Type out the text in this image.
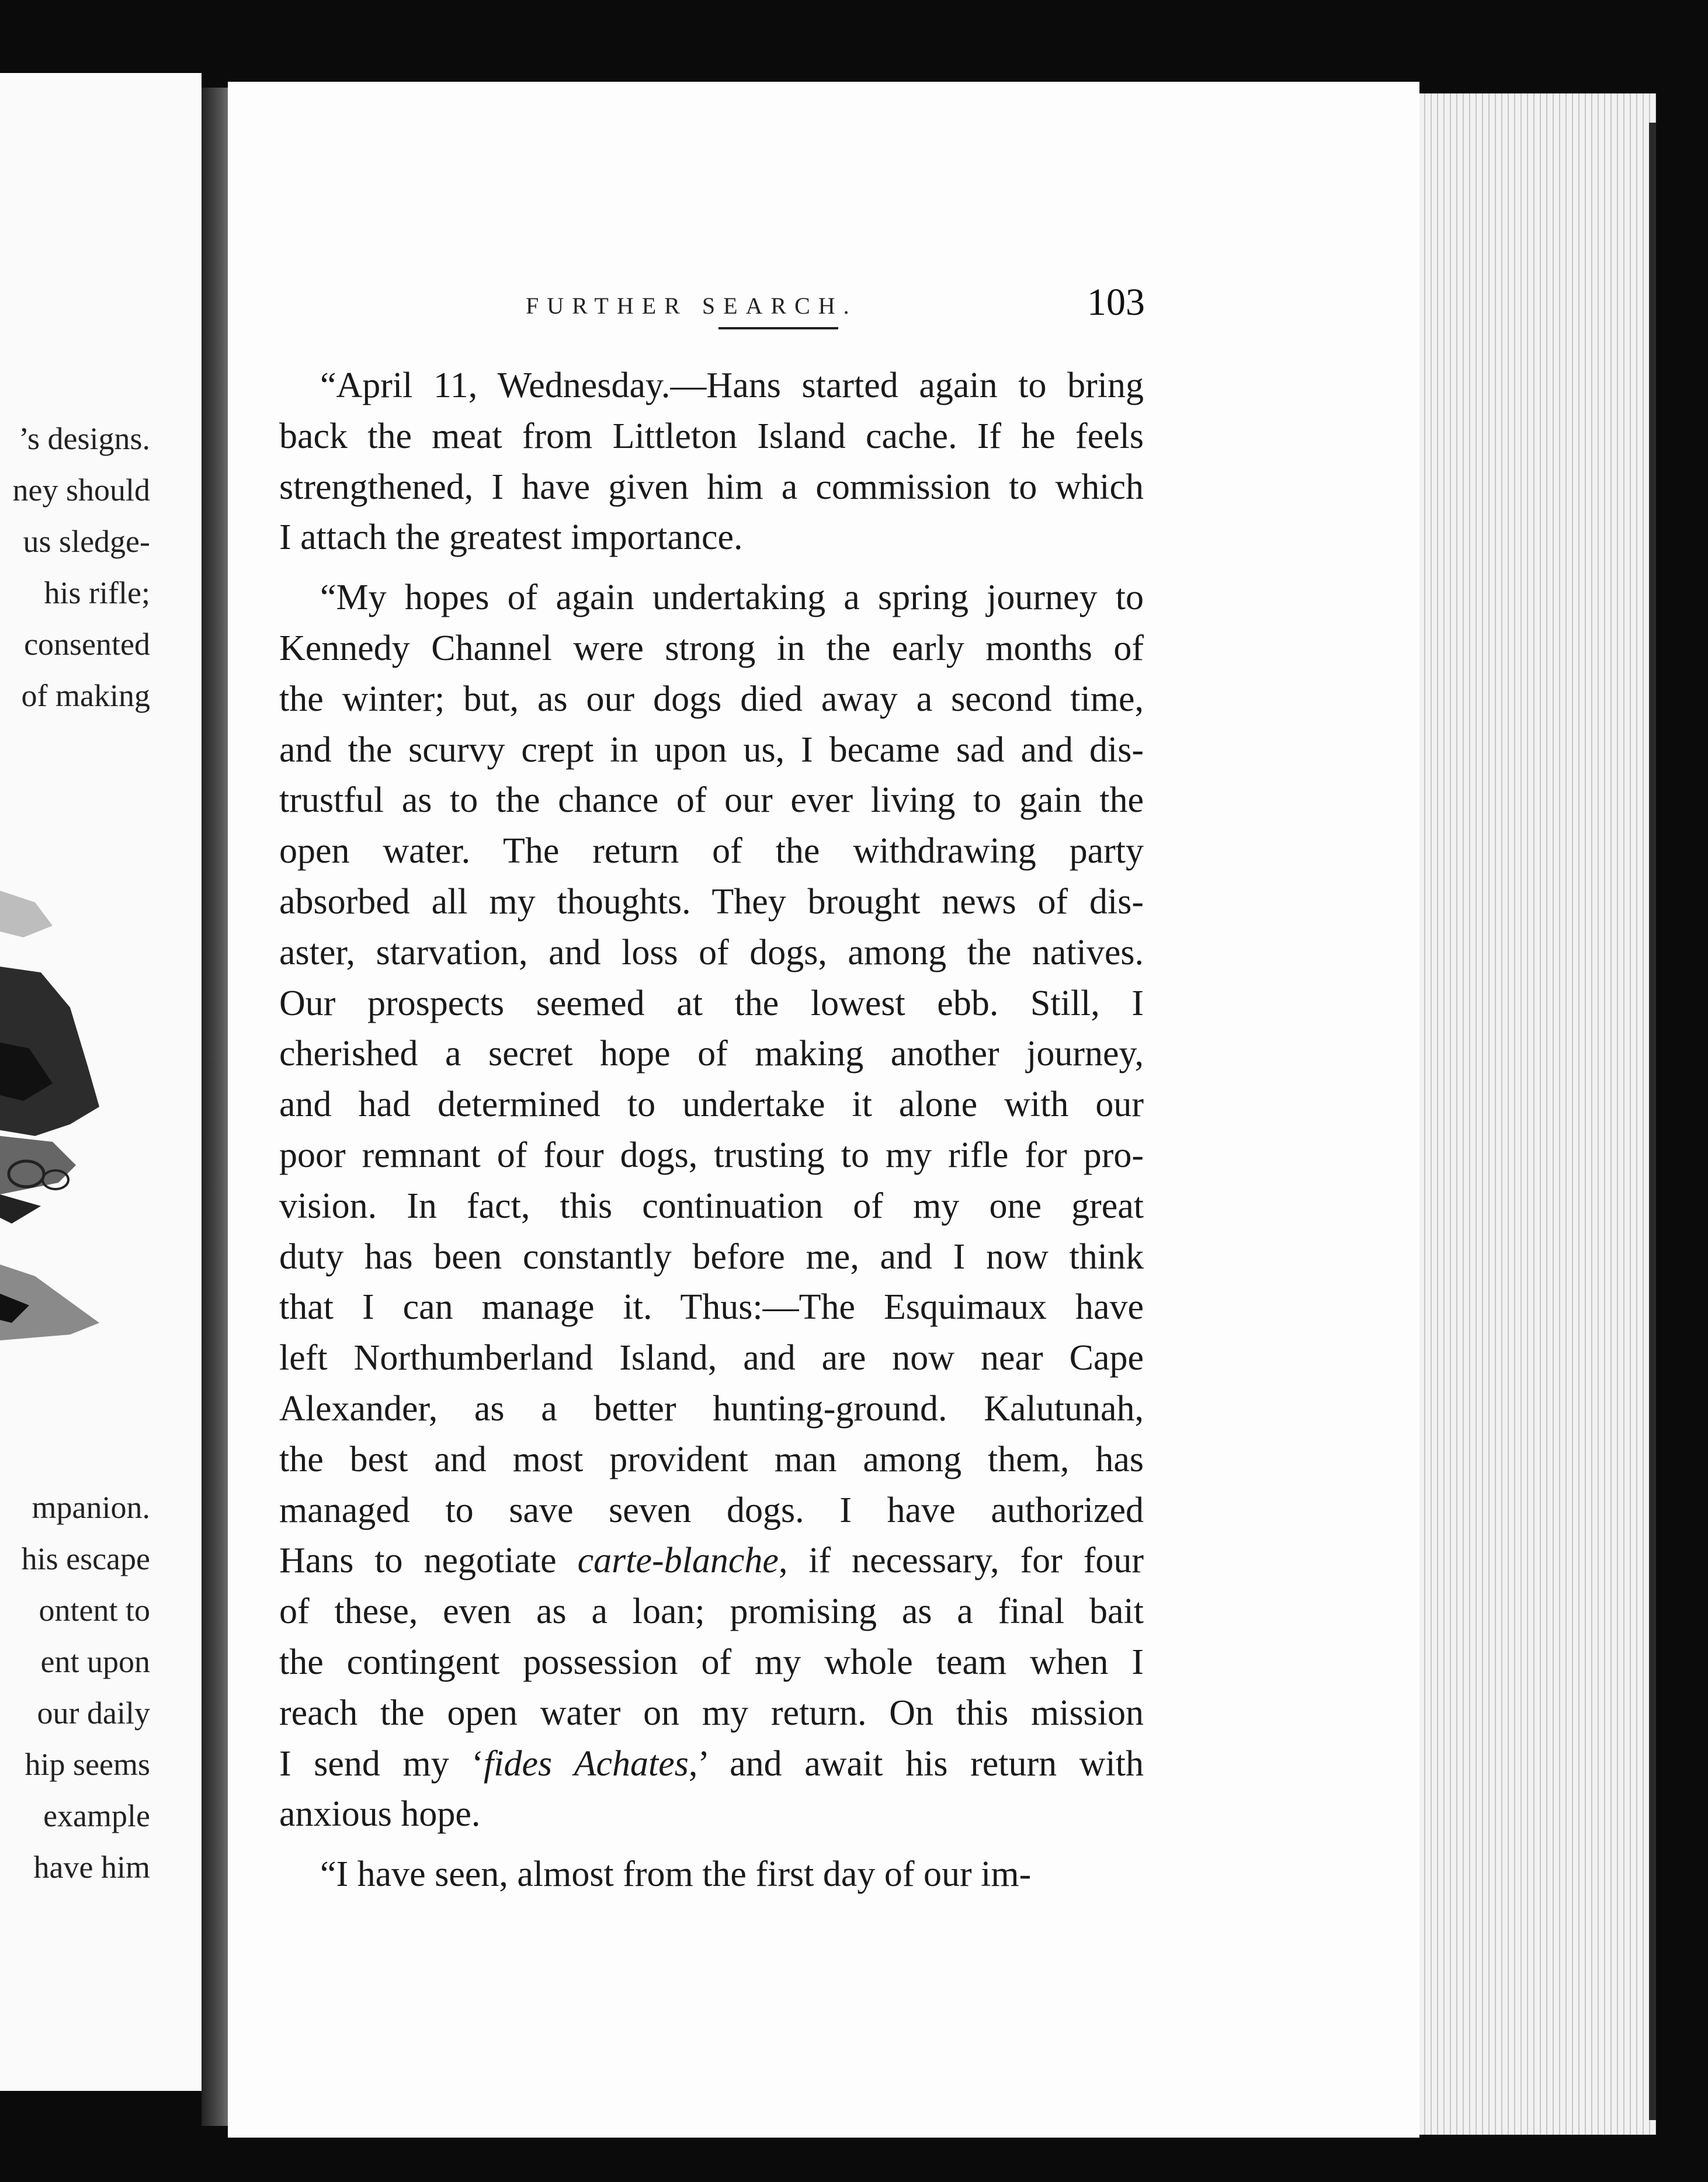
’s designs.
ney should
us sledge-
his rifle;
consented
of making
mpanion.
his escape
ontent to
ent upon
our daily
hip seems
example
have him
FURTHER SEARCH.	103
“April 11, Wednesday.—Hans started again to bring
back the meat from Littleton Island cache. If he feels
strengthened, I have given him a commission to which
I attach the greatest importance.
“My hopes of again undertaking a spring journey to
Kennedy Channel were strong in the early months of
the winter; but, as our dogs died away a second time,
and the scurvy crept in upon us, I became sad and dis-
trustful as to the chance of our ever living to gain the
open water. The return of the withdrawing party
absorbed all my thoughts. They brought news of dis-
aster, starvation, and loss of dogs, among the natives.
Our prospects seemed at the lowest ebb. Still, I
cherished a secret hope of making another journey,
and had determined to undertake it alone with our
poor remnant of four dogs, trusting to my rifle for pro-
vision. In fact, this continuation of my one great
duty has been constantly before me, and I now think
that I can manage it. Thus:—The Esquimaux have
left Northumberland Island, and are now near Cape
Alexander, as a better hunting-ground. Kalutunah,
the best and most provident man among them, has
managed to save seven dogs. I have authorized
Hans to negotiate carte-blanche, if necessary, for four
of these, even as a loan; promising as a final bait
the contingent possession of my whole team when I
reach the open water on my return. On this mission
I send my ‘fides Achates,’ and await his return with
anxious hope.
“I have seen, almost from the first day of our im-
